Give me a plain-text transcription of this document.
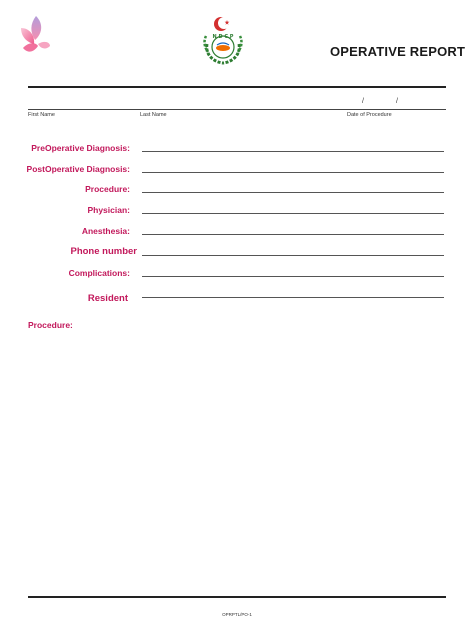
N D C P
OPERATIVE REPORT
/	/
First Name	Last Name	Date of Procedure
PreOperative Diagnosis:
PostOperative Diagnosis:
Procedure:
Physician:
Anesthesia:
Phone number
Complications:
Resident
Procedure:
OPRPTL/PO-1
